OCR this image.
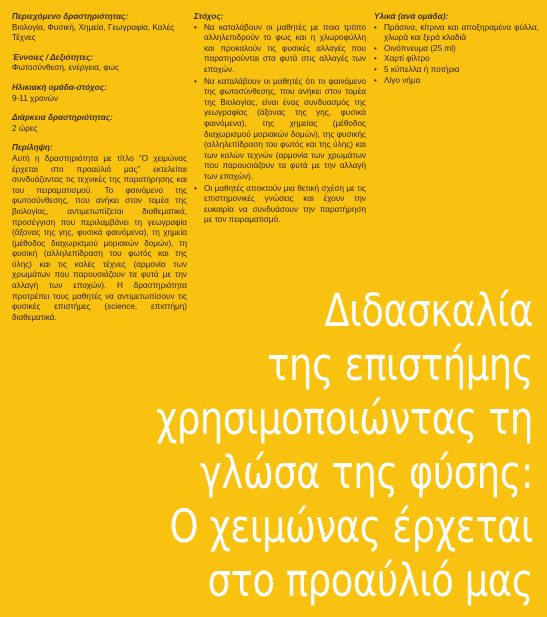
Περιεχόμενο δραστηριότητας:
Βιολογία, Φυσική, Χημεία, Γεωγραφία, Καλές Τέχνες
Έννοιες / Δεξιότητες:
Φωτοσύνθεση, ενέργεια, φως
Ηλικιακή ομάδα-στόχος:
9-11 χρονών
Διάρκεια δραστηριότητας:
2 ώρες
Περίληψη:
Αυτή η δραστηριότητα με τίτλο “Ο χειμώνας έρχεται στο προαύλιό μας” εκτελείται συνδυάζοντας τις τεχνικές της παρατήρησης και του πειραματισμού. Το φαινόμενο της φωτοσύνθεσης, που ανήκει στον τομέα της βιολογίας, αντιμετωπίζεται διαθεματικά, προσέγγιση που περιλαμβάνει τη γεωγραφία (άξονας της γης, φυσικά φαινόμενα), τη χημεία (μέθοδος διαχωρισμού μοριακών δομών), τη φυσική (αλληλεπίδραση του φωτός και της ύλης) και τις καλές τέχνες (αρμονία των χρωμάτων που παρουσιάζουν τα φυτά με την αλλαγή των εποχών). Η δραστηριότητα προτρέπει τους μαθητές να αντιμετωπίσουν τις φυσικές επιστήμες (science, επιστήμη) διαθεματικά.
Στόχος:
• Να καταλάβουν οι μαθητές με ποιο τρόπο αλληλεπιδρούν το φως και η χλωροφύλλη και προκαλούν τις φυσικές αλλαγές που παρατηρούνται στα φυτά στις αλλαγές των εποχών.
• Να καταλάβουν οι μαθητές ότι το φαινόμενο της φωτοσύνθεσης, που ανήκει στον τομέα της Βιολογίας, είναι ένας συνδυασμός της γεωγραφίας (άξονας της γης, φυσικά φαινόμενα), της χημείας (μέθοδος διαχωρισμού μοριακών δομών), της φυσικής (αλληλεπίδραση του φωτός και της ύλης) και των καλών τεχνών (αρμονία των χρωμάτων που παρουσιάζουν τα φυτά με την αλλαγή των εποχών).
• Οι μαθητές αποκτούν μια θετική σχέση με τις επιστημονικές γνώσεις και έχουν την ευκαιρία να συνδυάσουν την παρατήρηση με τον πειραματισμό.
Υλικά (ανά ομάδα):
• Πράσινα, κίτρινα και αποξηραμένα φύλλα, χλωρά και ξερά κλαδιά
• Οινόπνευμα (25 ml)
• Χαρτί φίλτρο
• 5 κύπελλα ή ποτήρια
• Λίγο νήμα
Διδασκαλία
της επιστήμης
χρησιμοποιώντας τη
γλώσα της φύσης:
Ο χειμώνας έρχεται
στο προαύλιό μας
